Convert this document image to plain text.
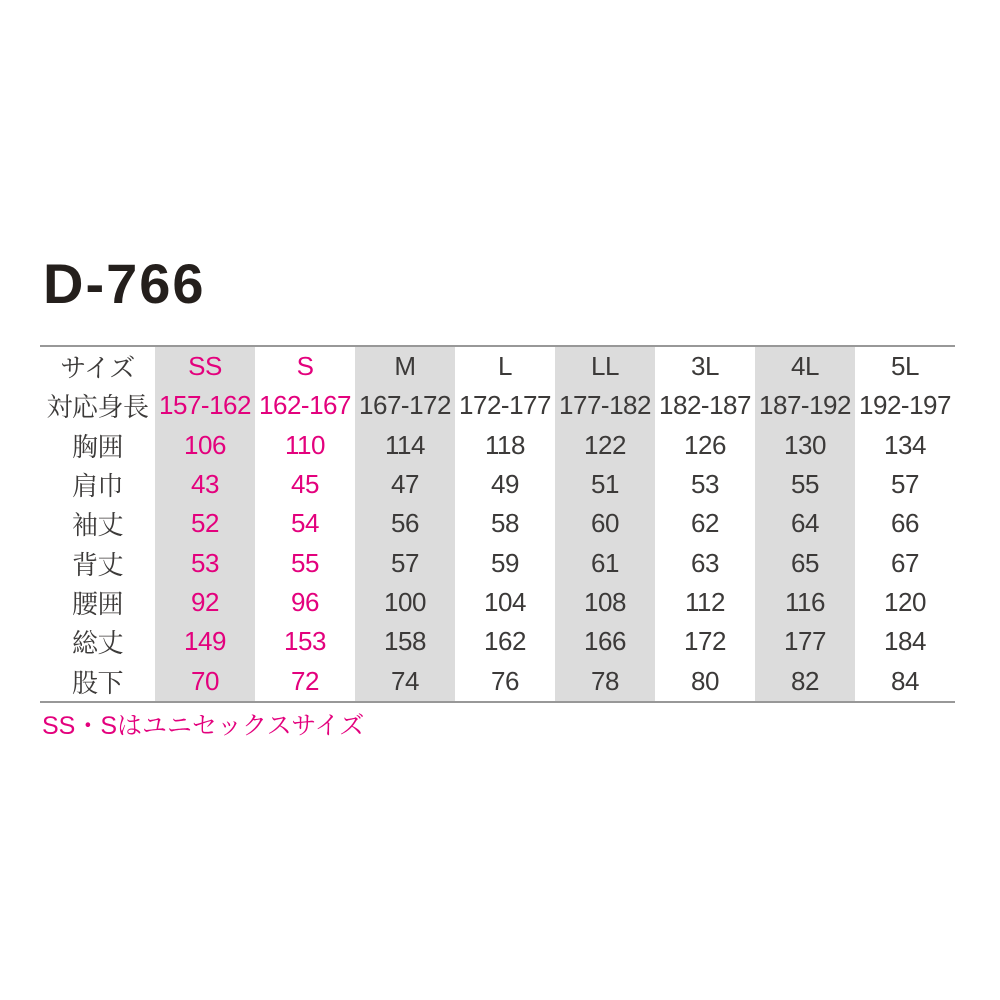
D-766
サイズ	SS	S	M	L	LL	3L	4L	5L
対応身長 157-162 162-167 167-172 172-177 177-182 182-187 187-192 192-197
胸囲	106	110	114	118	122	126	130	134
肩巾	43	45	47	49	51	53	55	57
袖丈	52	54	56	58	60	62	64	66
背丈	53	55	57	59	61	63	65	67
腰囲	92	96	100	104	108	112	116	120
総丈	149	153	158	162	166	172	177	184
股下	70	72	74	76	78	80	82	84
SS・Sはユニセックスサイズ
